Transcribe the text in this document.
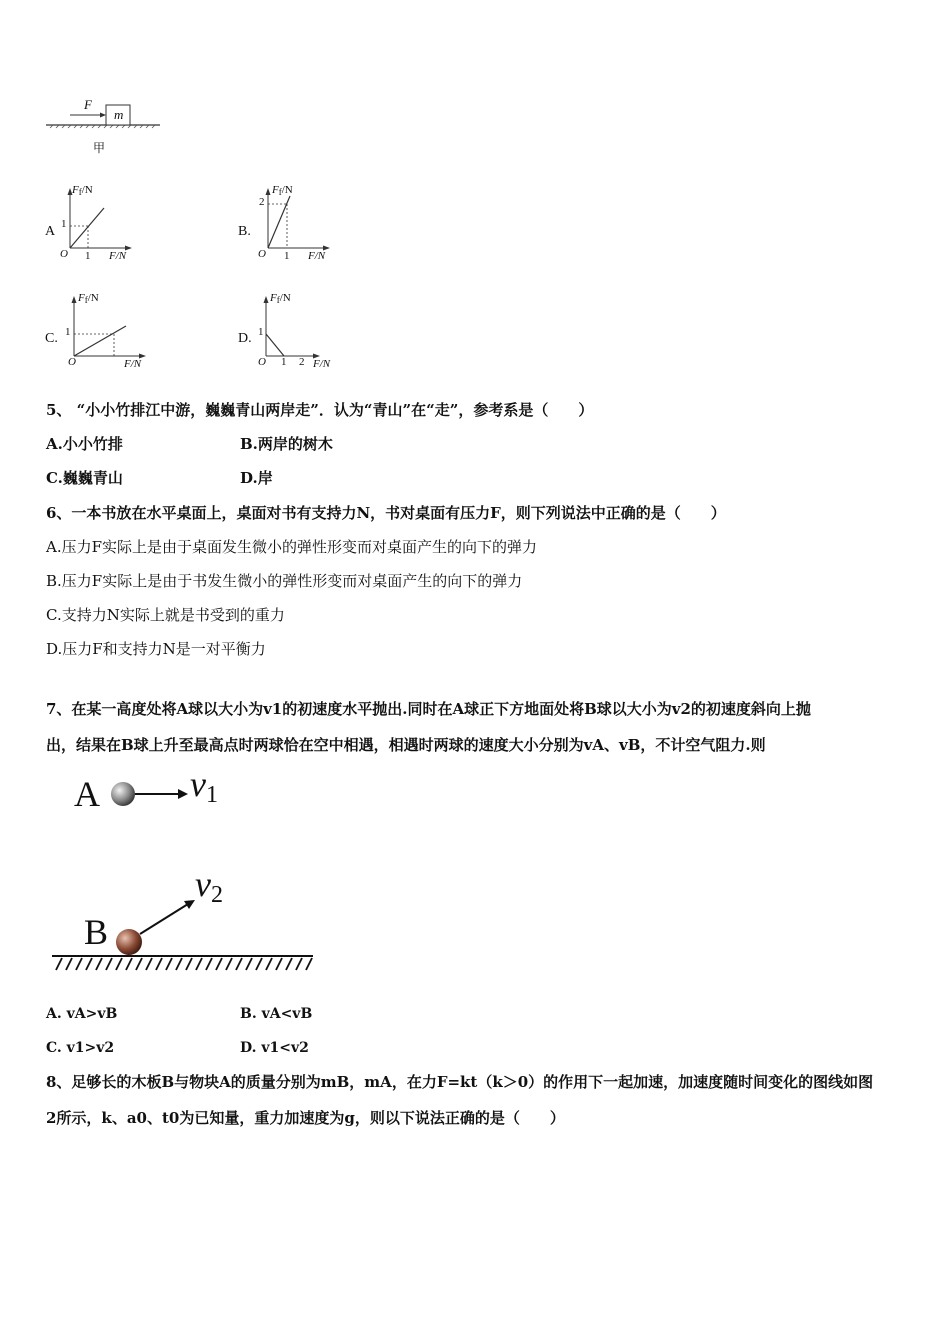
F
m
甲
A
$F_f/N$
1
O 1 F/N
B.
$F_f/N$
2
O 1 F/N
C.
$F_f/N$
1
O	F/N
D.
$F_f/N$
1
O 1 2 F/N
5、 “小小竹排江中游，巍巍青山两岸走”．认为“青山”在“走”，参考系是（　　）
A.小小竹排	B.两岸的树木
C.巍巍青山	D.岸
6、一本书放在水平桌面上，桌面对书有支持力N，书对桌面有压力F，则下列说法中正确的是（　　）
A.压力F实际上是由于桌面发生微小的弹性形变而对桌面产生的向下的弹力
B.压力F实际上是由于书发生微小的弹性形变而对桌面产生的向下的弹力
C.支持力N实际上就是书受到的重力
D.压力F和支持力N是一对平衡力
7、在某一高度处将A球以大小为v1的初速度水平抛出.同时在A球正下方地面处将B球以大小为v2的初速度斜向上抛
出，结果在B球上升至最高点时两球恰在空中相遇，相遇时两球的速度大小分别为vA、vB，不计空气阻力.则
A	v1
B
v2
A. vA>vB	B. vA<vB
C. v1>v2	D. v1<v2
8、足够长的木板B与物块A的质量分别为mB，mA，在力F=kt（k＞0）的作用下一起加速，加速度随时间变化的图线如图
2所示，k、a0、t0为已知量，重力加速度为g，则以下说法正确的是（　　）
